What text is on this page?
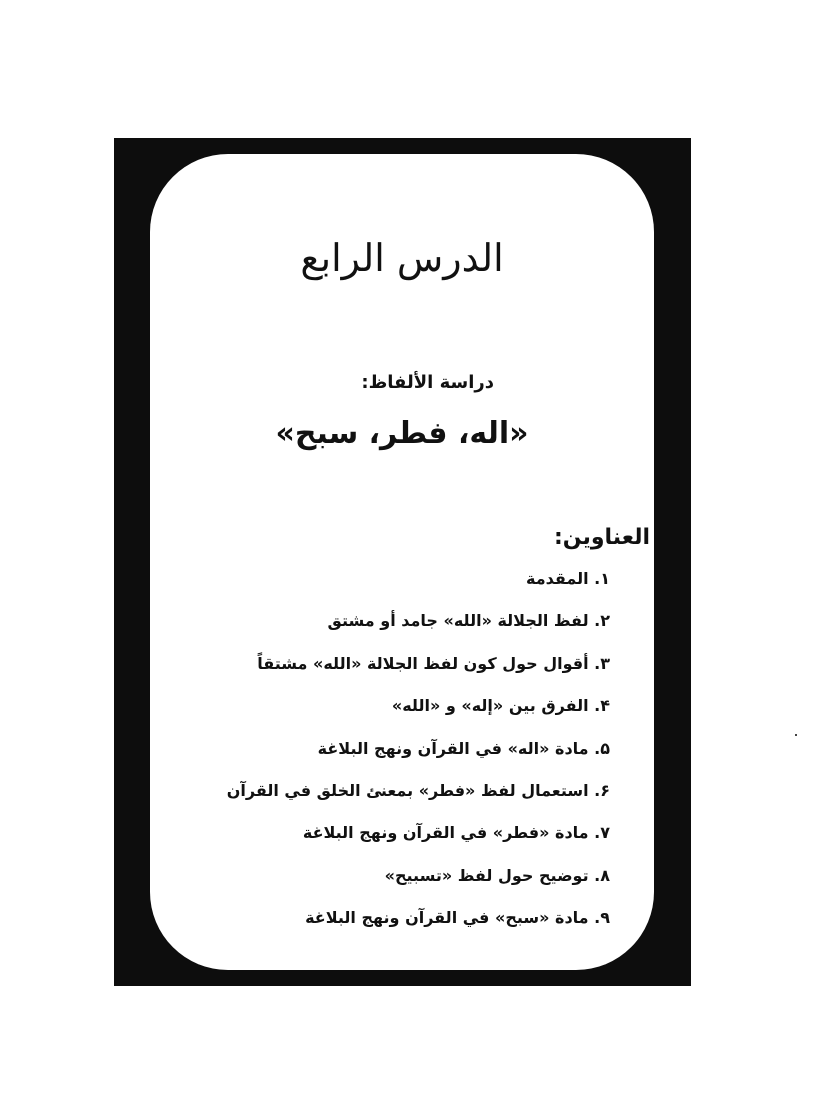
الدرس الرابع
دراسة الألفاظ:
«اله، فطر، سبح»
العناوين:
١. المقدمة
٢. لفظ الجلالة «الله» جامد أو مشتق
٣. أقوال حول كون لفظ الجلالة «الله» مشتقاً
۴. الفرق بين «إله» و «الله»
۵. مادة «اله» في القرآن ونهج البلاغة
۶. استعمال لفظ «فطر» بمعنئ الخلق في القرآن
٧. مادة «فطر» في القرآن ونهج البلاغة
٨. توضيح حول لفظ «تسبيح»
٩. مادة «سبح» في القرآن ونهج البلاغة
